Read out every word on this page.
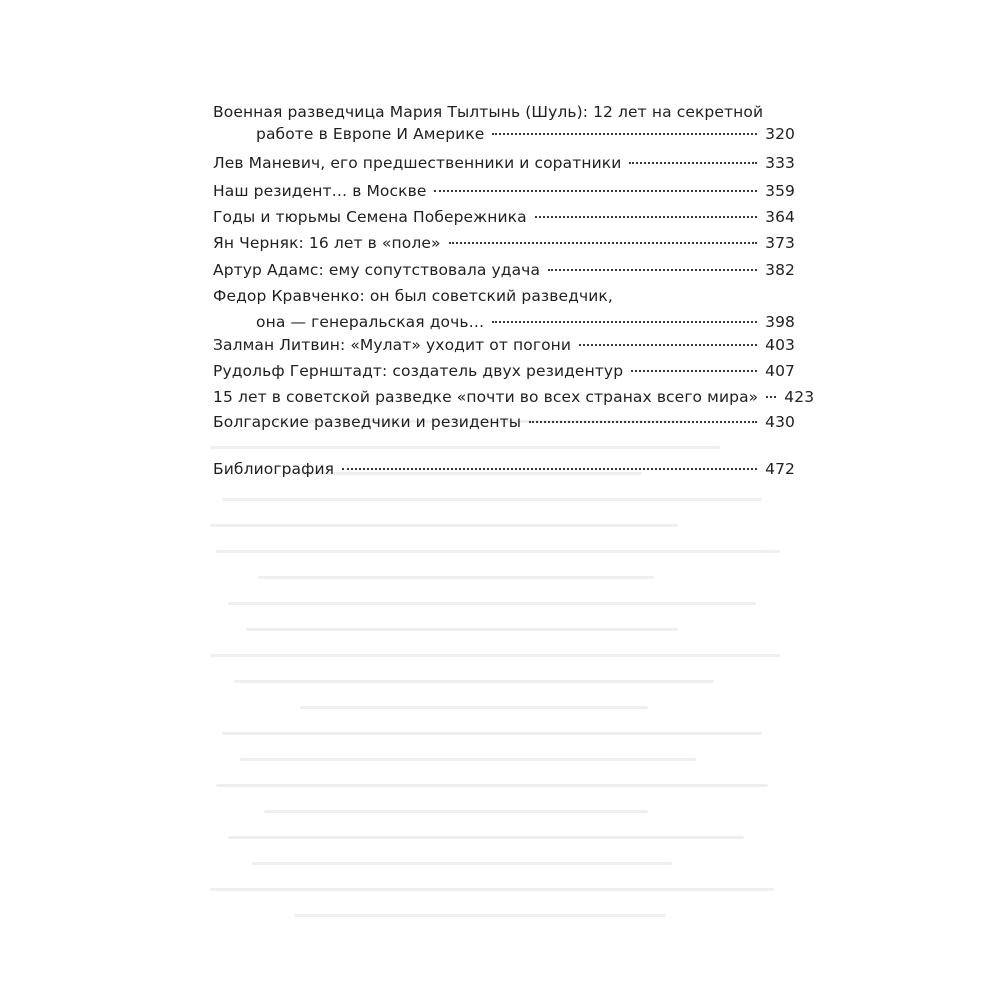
Военная разведчица Мария Тылтынь (Шуль): 12 лет на секретной
работе в Европе И Америке	320
Лев Маневич, его предшественники и соратники	333
Наш резидент… в Москве	359
Годы и тюрьмы Семена Побережника	364
Ян Черняк: 16 лет в «поле»	373
Артур Адамс: ему сопутствовала удача	382
Федор Кравченко: он был советский разведчик,
она — генеральская дочь…	398
Залман Литвин: «Мулат» уходит от погони	403
Рудольф Гернштадт: создатель двух резидентур	407
15 лет в советской разведке «почти во всех странах всего мира» 423
Болгарские разведчики и резиденты	430
Библиография	472
